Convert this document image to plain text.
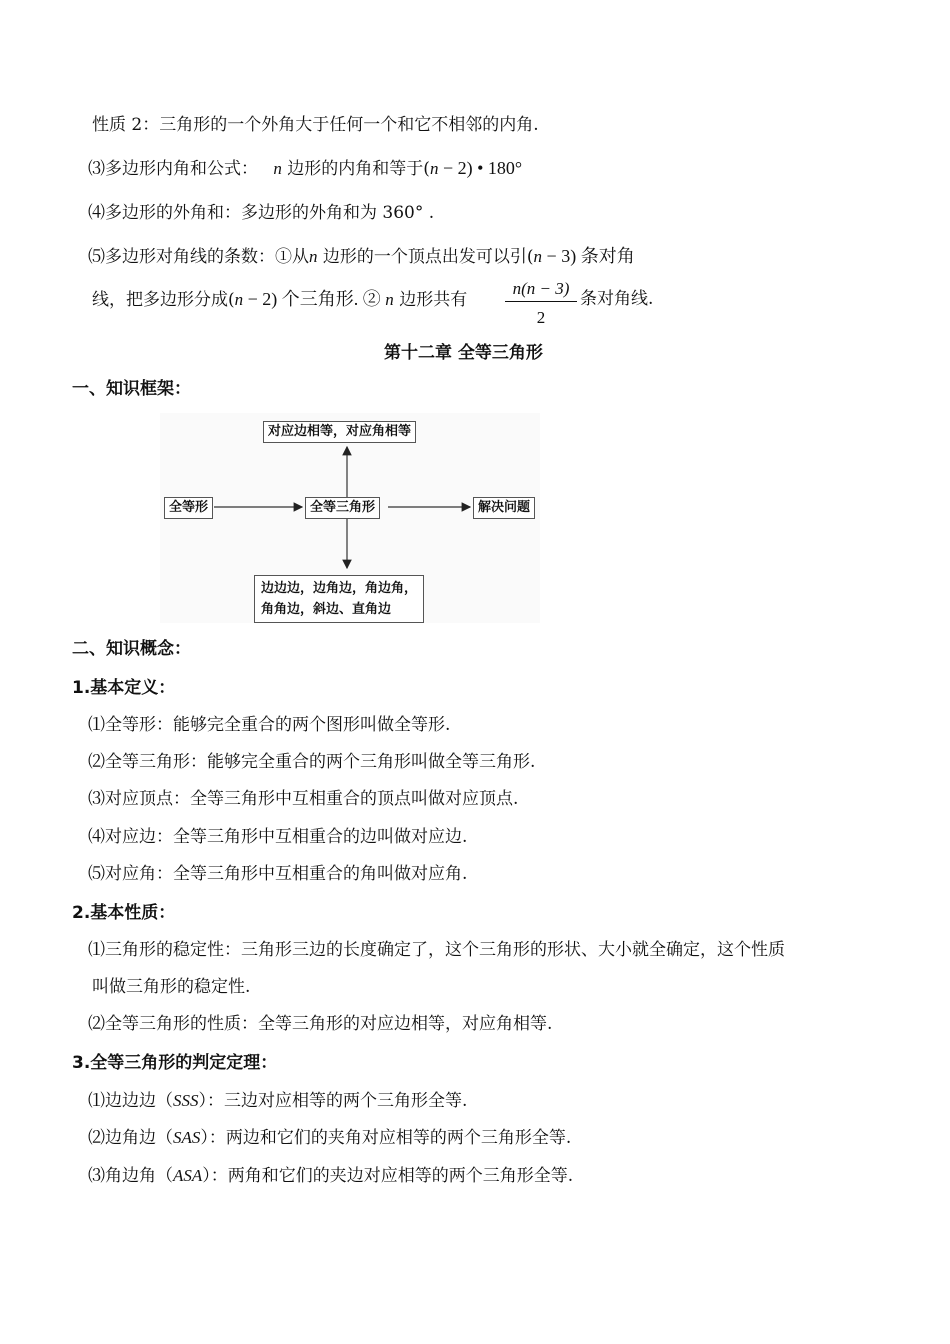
性质 2：三角形的一个外角大于任何一个和它不相邻的内角.
⑶多边形内角和公式： n 边形的内角和等于(n − 2) • 180°
⑷多边形的外角和：多边形的外角和为 360° .
⑸多边形对角线的条数：①从n 边形的一个顶点出发可以引(n − 3) 条对角
线，把多边形分成(n − 2) 个三角形. ② n 边形共有 $\frac{n(n - 3)}{2}$ 条对角线.
第十二章 全等三角形
一、知识框架：
对应边相等，对应角相等
全等形	全等三角形	解决问题
边边边，边角边，角边角，
角角边，斜边、直角边
二、知识概念：
1.基本定义：
⑴全等形：能够完全重合的两个图形叫做全等形.
⑵全等三角形：能够完全重合的两个三角形叫做全等三角形.
⑶对应顶点：全等三角形中互相重合的顶点叫做对应顶点.
⑷对应边：全等三角形中互相重合的边叫做对应边.
⑸对应角：全等三角形中互相重合的角叫做对应角.
2.基本性质：
⑴三角形的稳定性：三角形三边的长度确定了，这个三角形的形状、大小就全确定，这个性质
叫做三角形的稳定性.
⑵全等三角形的性质：全等三角形的对应边相等，对应角相等.
3.全等三角形的判定定理：
⑴边边边（SSS）：三边对应相等的两个三角形全等.
⑵边角边（SAS）：两边和它们的夹角对应相等的两个三角形全等.
⑶角边角（ASA）：两角和它们的夹边对应相等的两个三角形全等.
